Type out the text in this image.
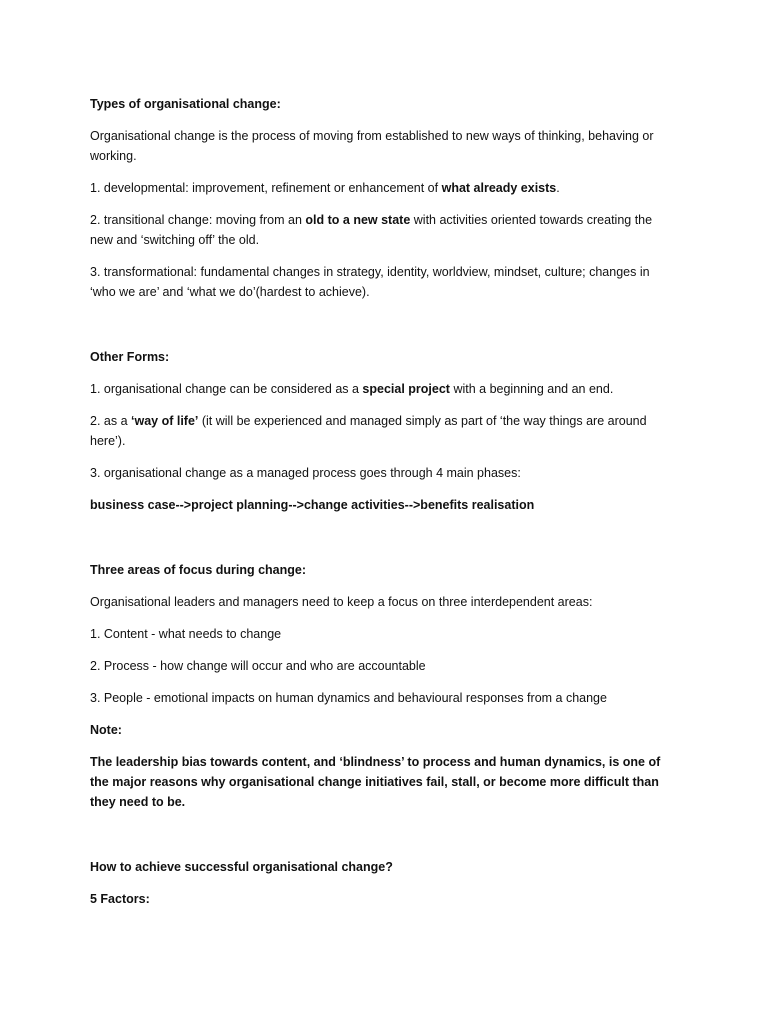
Types of organisational change:

Organisational change is the process of moving from established to new ways of thinking, behaving or working.

1. developmental: improvement, refinement or enhancement of what already exists.

2. transitional change: moving from an old to a new state with activities oriented towards creating the new and ‘switching off’ the old.

3. transformational: fundamental changes in strategy, identity, worldview, mindset, culture; changes in ‘who we are’ and ‘what we do’(hardest to achieve).

Other Forms:

1. organisational change can be considered as a special project with a beginning and an end.

2. as a ‘way of life’ (it will be experienced and managed simply as part of ‘the way things are around here’).

3. organisational change as a managed process goes through 4 main phases:

business case-->project planning-->change activities-->benefits realisation

Three areas of focus during change:

Organisational leaders and managers need to keep a focus on three interdependent areas:

1. Content - what needs to change

2. Process - how change will occur and who are accountable

3. People - emotional impacts on human dynamics and behavioural responses from a change

Note:

The leadership bias towards content, and ‘blindness’ to process and human dynamics, is one of the major reasons why organisational change initiatives fail, stall, or become more difficult than they need to be.

How to achieve successful organisational change?

5 Factors:
